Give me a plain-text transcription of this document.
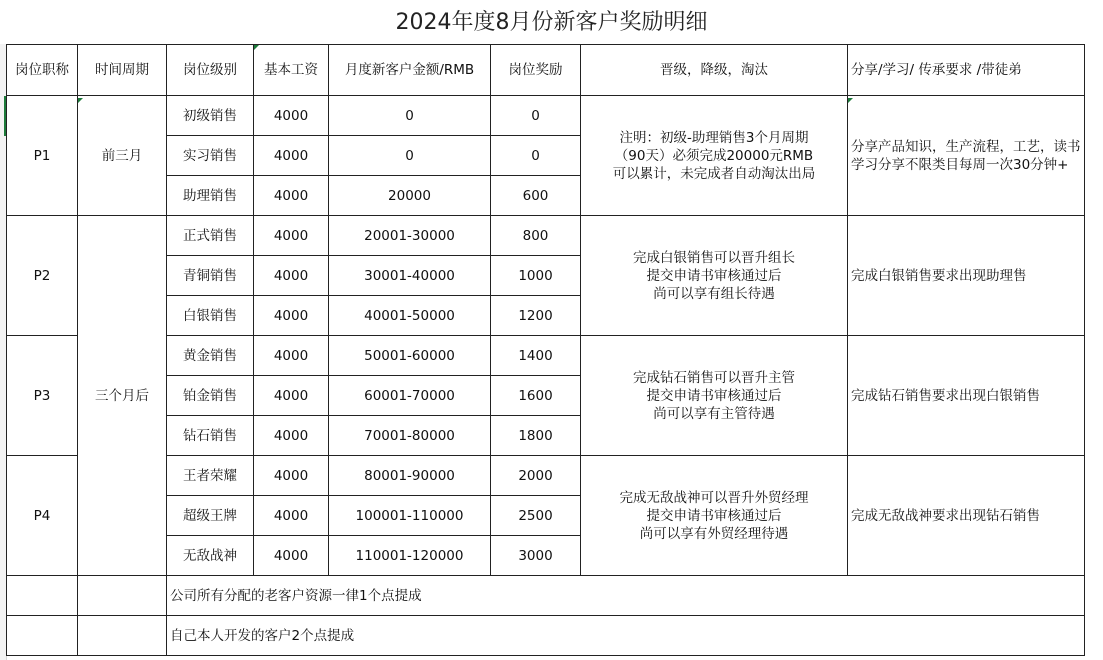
2024年度8月份新客户奖励明细
岗位职称	时间周期	岗位级别	基本工资	月度新客户金额/RMB	岗位奖励	晋级，降级，淘汰	分享/学习/ 传承要求 /带徒弟
P1	前三月	初级销售	4000	0	0	注明：初级-助理销售3个月周期（90天）必须完成20000元RMB 可以累计，未完成者自动淘汰出局	分享产品知识，生产流程，工艺，读书学习分享不限类目每周一次30分钟+
		实习销售	4000	0	0		
		助理销售	4000	20000	600		
P2	三个月后	正式销售	4000	20001-30000	800	完成白银销售可以晋升组长
提交申请书审核通过后
尚可以享有组长待遇	完成白银销售要求出现助理售
		青铜销售	4000	30001-40000	1000		
		白银销售	4000	40001-50000	1200		
P3		黄金销售	4000	50001-60000	1400	完成钻石销售可以晋升主管
提交申请书审核通过后
尚可以享有主管待遇	完成钻石销售要求出现白银销售
		铂金销售	4000	60001-70000	1600		
		钻石销售	4000	70001-80000	1800		
P4		王者荣耀	4000	80001-90000	2000	完成无敌战神可以晋升外贸经理
提交申请书审核通过后
尚可以享有外贸经理待遇	完成无敌战神要求出现钻石销售
		超级王牌	4000	100001-110000	2500		
		无敌战神	4000	110001-120000	3000		
		公司所有分配的老客户资源一律1个点提成					
		自己本人开发的客户2个点提成					
